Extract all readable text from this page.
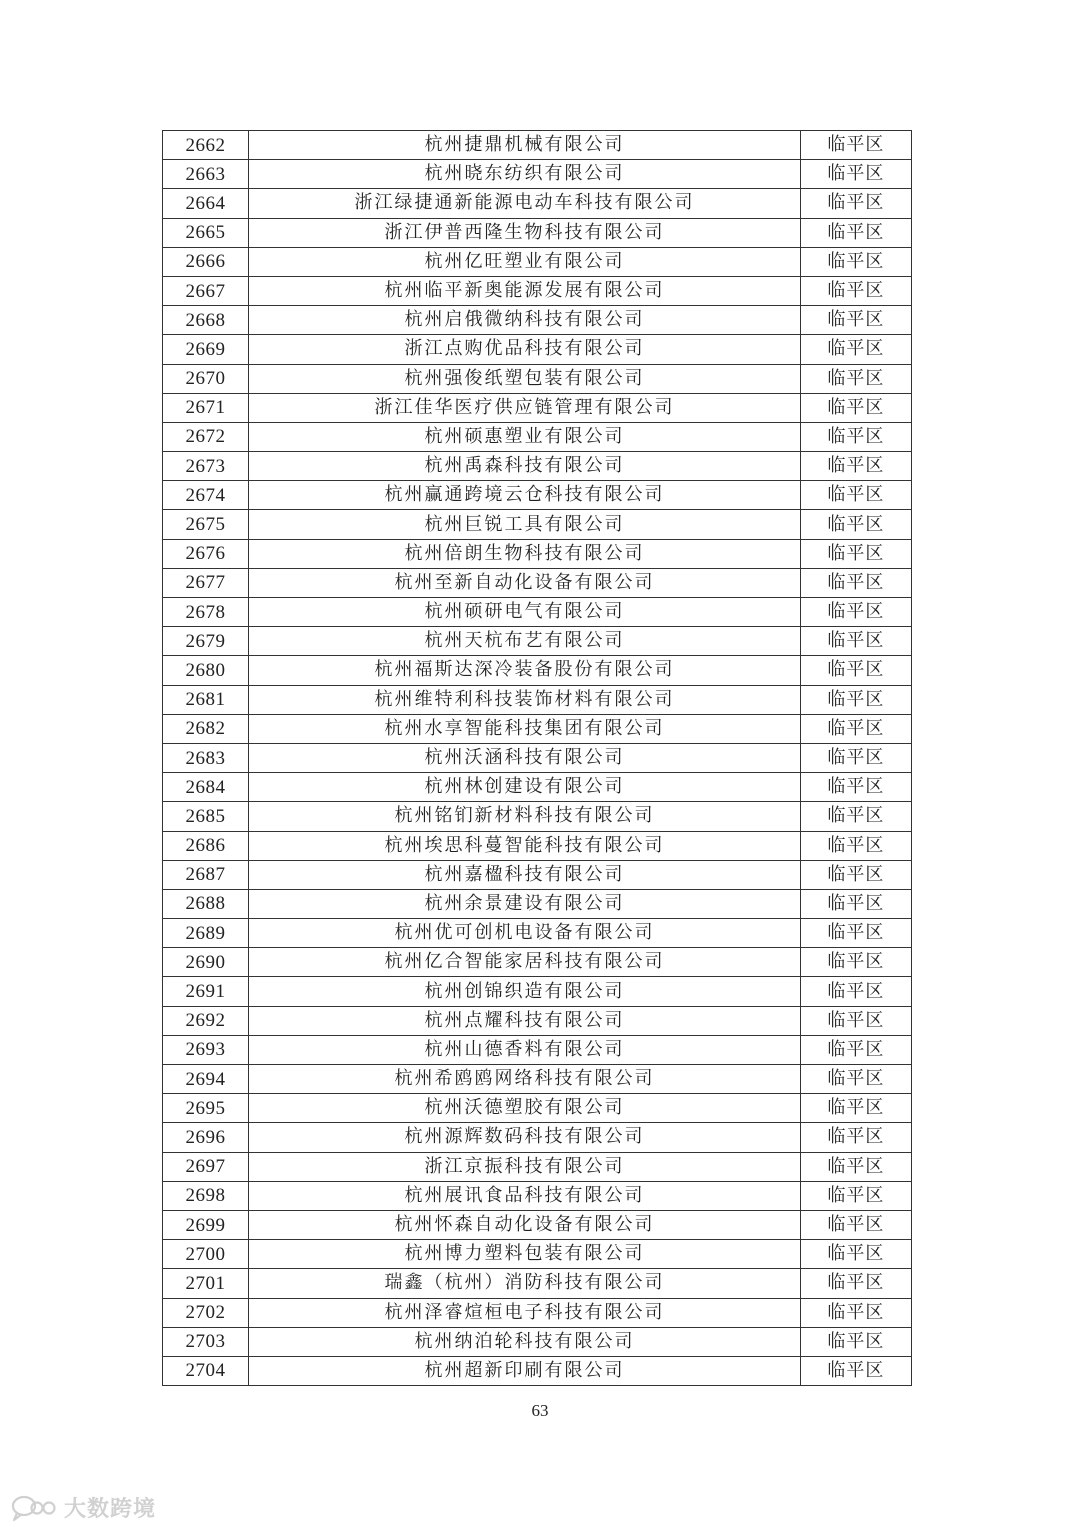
2662	杭州捷鼎机械有限公司	临平区
2663	杭州晓东纺织有限公司	临平区
2664	浙江绿捷通新能源电动车科技有限公司	临平区
2665	浙江伊普西隆生物科技有限公司	临平区
2666	杭州亿旺塑业有限公司	临平区
2667	杭州临平新奥能源发展有限公司	临平区
2668	杭州启俄微纳科技有限公司	临平区
2669	浙江点购优品科技有限公司	临平区
2670	杭州强俊纸塑包装有限公司	临平区
2671	浙江佳华医疗供应链管理有限公司	临平区
2672	杭州硕惠塑业有限公司	临平区
2673	杭州禹森科技有限公司	临平区
2674	杭州赢通跨境云仓科技有限公司	临平区
2675	杭州巨锐工具有限公司	临平区
2676	杭州倍朗生物科技有限公司	临平区
2677	杭州至新自动化设备有限公司	临平区
2678	杭州硕研电气有限公司	临平区
2679	杭州天杭布艺有限公司	临平区
2680	杭州福斯达深冷装备股份有限公司	临平区
2681	杭州维特利科技装饰材料有限公司	临平区
2682	杭州水享智能科技集团有限公司	临平区
2683	杭州沃涵科技有限公司	临平区
2684	杭州林创建设有限公司	临平区
2685	杭州铭钔新材料科技有限公司	临平区
2686	杭州埃思科蔓智能科技有限公司	临平区
2687	杭州嘉楹科技有限公司	临平区
2688	杭州余景建设有限公司	临平区
2689	杭州优可创机电设备有限公司	临平区
2690	杭州亿合智能家居科技有限公司	临平区
2691	杭州创锦织造有限公司	临平区
2692	杭州点耀科技有限公司	临平区
2693	杭州山德香料有限公司	临平区
2694	杭州希鸥鸥网络科技有限公司	临平区
2695	杭州沃德塑胶有限公司	临平区
2696	杭州源辉数码科技有限公司	临平区
2697	浙江京振科技有限公司	临平区
2698	杭州展讯食品科技有限公司	临平区
2699	杭州怀森自动化设备有限公司	临平区
2700	杭州博力塑料包装有限公司	临平区
2701	瑞鑫（杭州）消防科技有限公司	临平区
2702	杭州泽睿煊桓电子科技有限公司	临平区
2703	杭州纳泊轮科技有限公司	临平区
2704	杭州超新印刷有限公司	临平区
63
大数跨境
